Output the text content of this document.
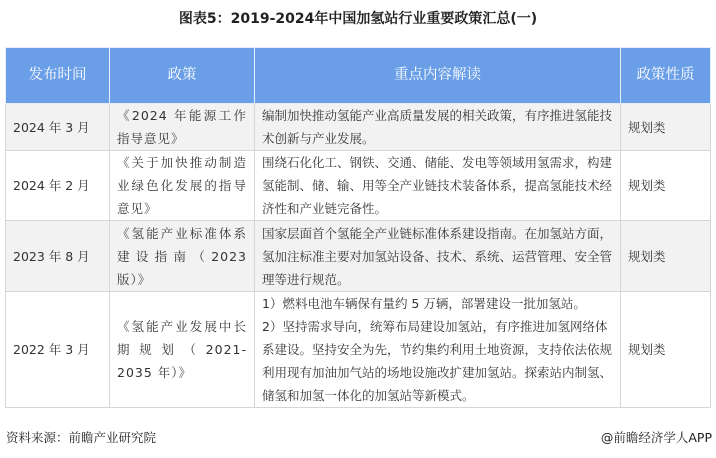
图表5：2019-2024年中国加氢站行业重要政策汇总(一)
发布时间	政策	重点内容解读	政策性质
2024 年 3 月	《2024 年能源工作指导意见》	编制加快推动氢能产业高质量发展的相关政策，有序推进氢能技术创新与产业发展。	规划类
2024 年 2 月	《关于加快推动制造业绿色化发展的指导意见》	围绕石化化工、钢铁、交通、储能、发电等领域用氢需求，构建氢能制、储、输、用等全产业链技术装备体系，提高氢能技术经济性和产业链完备性。	规划类
2023 年 8 月	《氢能产业标准体系建设指南（2023 版）》	国家层面首个氢能全产业链标准体系建设指南。在加氢站方面，氢加注标准主要对加氢站设备、技术、系统、运营管理、安全管理等进行规范。	规划类
2022 年 3 月	《氢能产业发展中长期规划（2021-2035 年）》	1）燃料电池车辆保有量约 5 万辆，部署建设一批加氢站。
2）坚持需求导向，统筹布局建设加氢站，有序推进加氢网络体系建设。坚持安全为先，节约集约利用土地资源，支持依法依规利用现有加油加气站的场地设施改扩建加氢站。探索站内制氢、储氢和加氢一体化的加氢站等新模式。	规划类
资料来源：前瞻产业研究院	@前瞻经济学人APP
